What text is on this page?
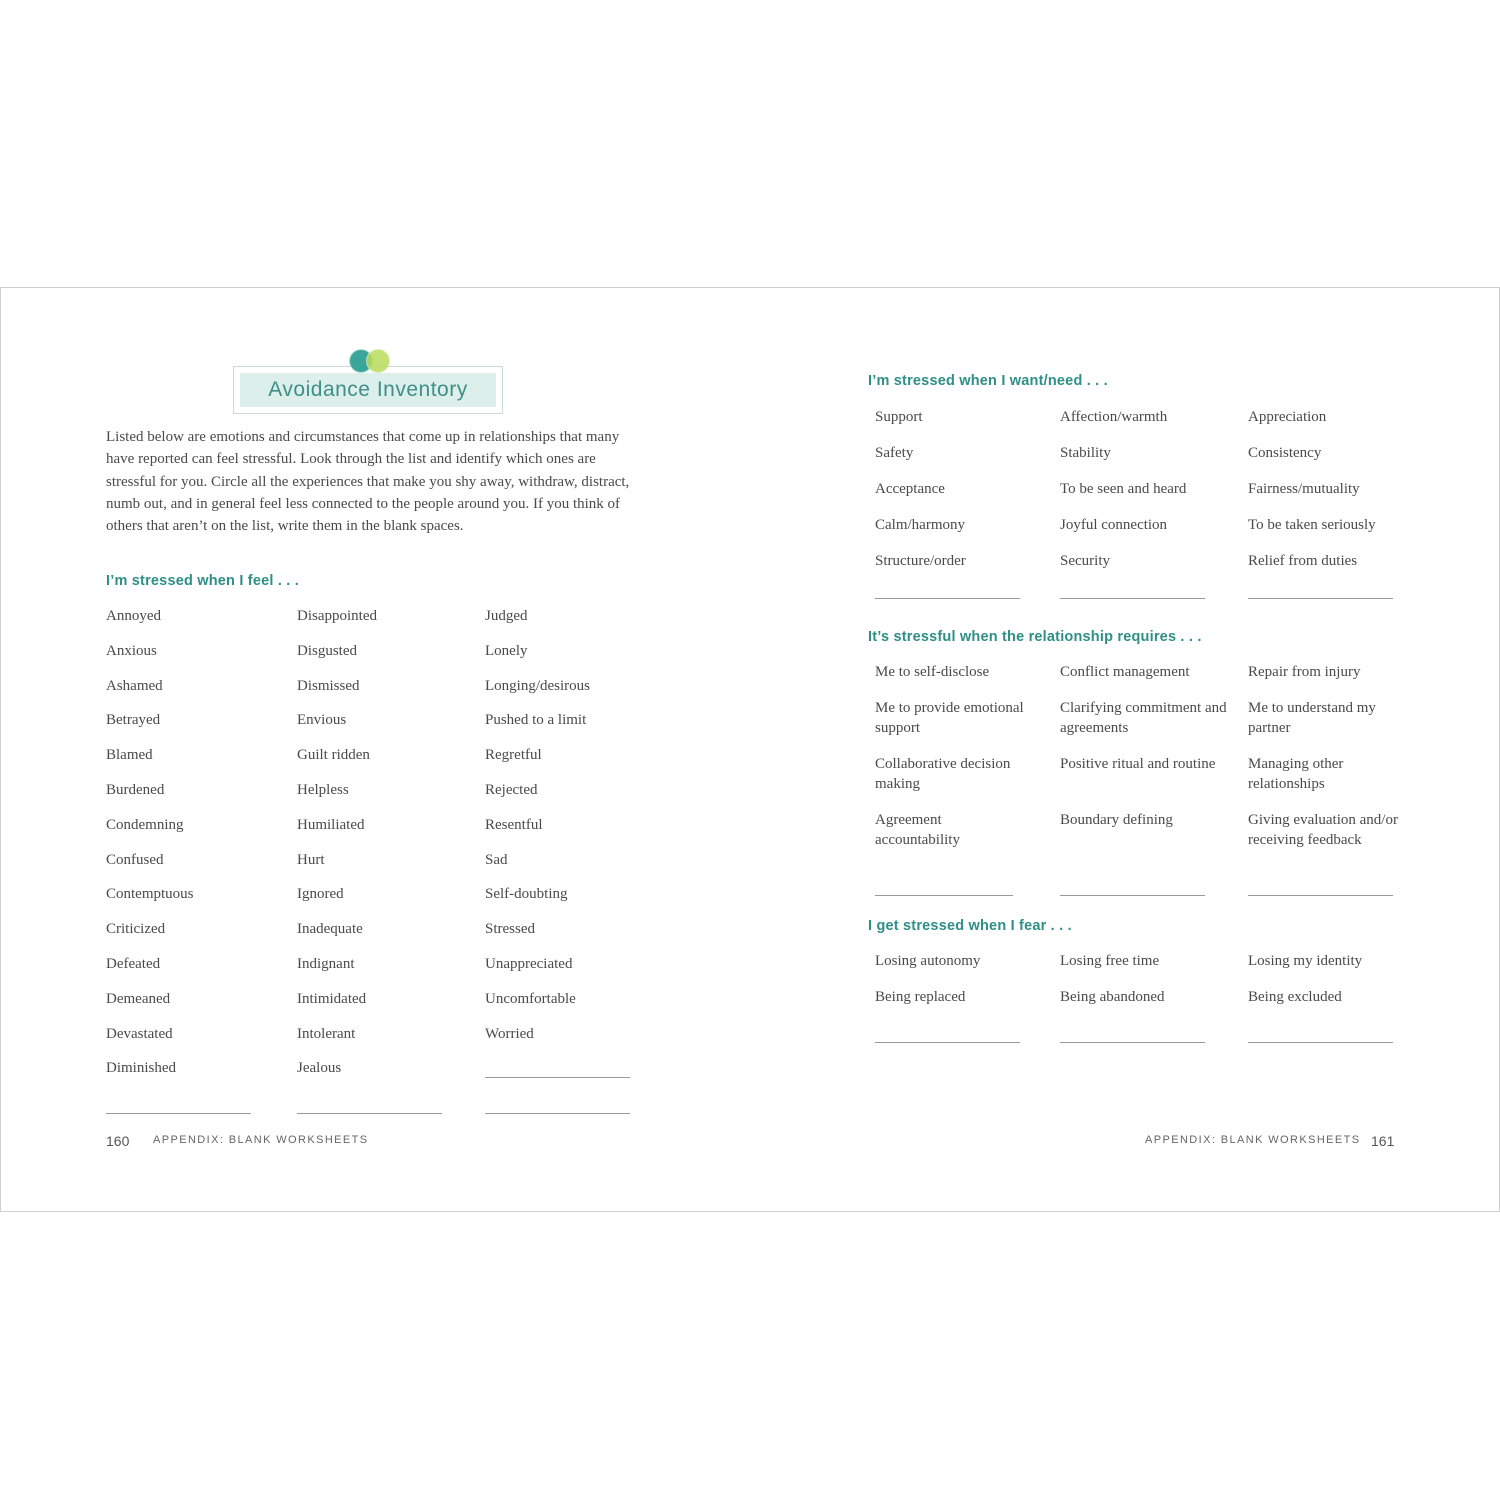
Avoidance Inventory

Listed below are emotions and circumstances that come up in relationships that many have reported can feel stressful. Look through the list and identify which ones are stressful for you. Circle all the experiences that make you shy away, withdraw, distract, numb out, and in general feel less connected to the people around you. If you think of others that aren’t on the list, write them in the blank spaces.

I’m stressed when I feel . . .

Annoyed

Anxious

Ashamed

Betrayed

Blamed

Burdened

Condemning

Confused

Contemptuous

Criticized

Defeated

Demeaned

Devastated

Diminished

Disappointed

Disgusted

Dismissed

Envious

Guilt ridden

Helpless

Humiliated

Hurt

Ignored

Inadequate

Indignant

Intimidated

Intolerant

Jealous

Judged

Lonely

Longing/desirous

Pushed to a limit

Regretful

Rejected

Resentful

Sad

Self-doubting

Stressed

Unappreciated

Uncomfortable

Worried

160 APPENDIX: BLANK WORKSHEETS
I’m stressed when I want/need . . .

Support

Safety

Acceptance

Calm/harmony

Structure/order

Affection/warmth

Stability

To be seen and heard

Joyful connection

Security

Appreciation

Consistency

Fairness/mutuality

To be taken seriously

Relief from duties

It’s stressful when the relationship requires . . .

Me to self-disclose

Me to provide emotional support

Collaborative decision making

Agreement accountability

Conflict management

Clarifying commitment and agreements

Positive ritual and routine

Boundary defining

Repair from injury

Me to understand my partner

Managing other relationships

Giving evaluation and/or receiving feedback

I get stressed when I fear . . .

Losing autonomy

Being replaced

Losing free time

Being abandoned

Losing my identity

Being excluded

APPENDIX: BLANK WORKSHEETS 161
